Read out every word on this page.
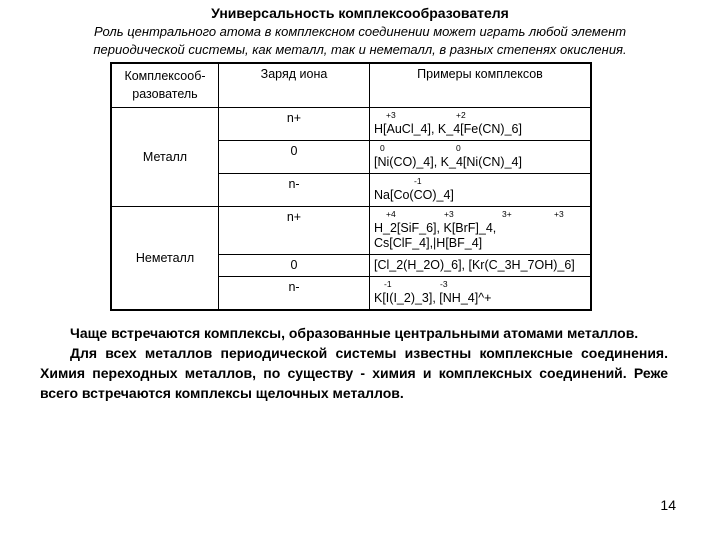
Универсальность комплексообразователя
Роль центрального атома в комплексном соединении может играть любой элемент периодической системы, как металл, так и неметалл, в разных степенях окисления.
Комплексооб-разователь	Заряд иона	Примеры комплексов
Металл	n+	+3 +2
H[AuCl_4], K_4[Fe(CN)_6]

	0	0 0
[Ni(CO)_4], K_4[Ni(CN)_4]

	n-	-1
Na[Co(CO)_4]

Неметалл	n+	+4 +3 3+ +3
H_2[SiF_6], K[BrF]_4, Cs[ClF_4],|H[BF_4]

	0	[Cl_2(H_2O)_6], [Kr(C_3H_7OH)_6]

	n-	-1 -3
K[I(I_2)_3], [NH_4]^+
Чаще встречаются комплексы, образованные центральными атомами металлов.
Для всех металлов периодической системы известны комплексные соединения. Химия переходных металлов, по существу - химия и комплексных соединений. Реже всего встречаются комплексы щелочных металлов.
14
